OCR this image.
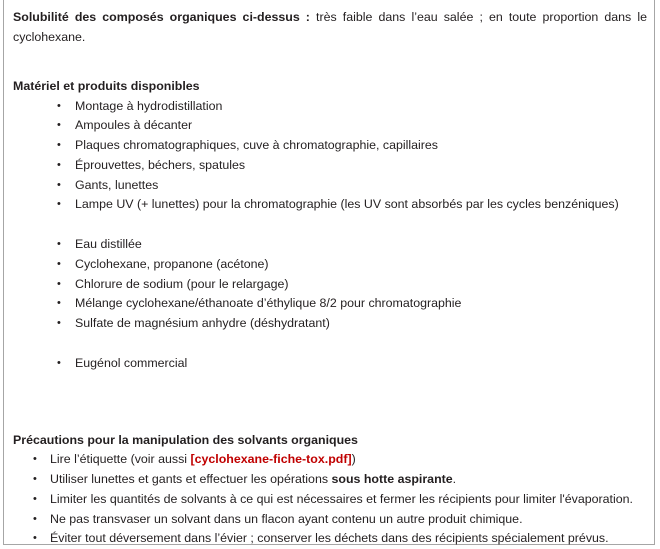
Solubilité des composés organiques ci-dessus : très faible dans l’eau salée ; en toute proportion dans le cyclohexane.

Matériel et produits disponibles

• Montage à hydrodistillation
• Ampoules à décanter
• Plaques chromatographiques, cuve à chromatographie, capillaires
• Éprouvettes, béchers, spatules
• Gants, lunettes
• Lampe UV (+ lunettes) pour la chromatographie (les UV sont absorbés par les cycles benzéniques)
• Eau distillée
• Cyclohexane, propanone (acétone)
• Chlorure de sodium (pour le relargage)
• Mélange cyclohexane/éthanoate d’éthylique 8/2 pour chromatographie
• Sulfate de magnésium anhydre (déshydratant)
• Eugénol commercial

Précautions pour la manipulation des solvants organiques

• Lire l’étiquette (voir aussi [cyclohexane-fiche-tox.pdf])
• Utiliser lunettes et gants et effectuer les opérations sous hotte aspirante.
• Limiter les quantités de solvants à ce qui est nécessaires et fermer les récipients pour limiter l'évaporation.
• Ne pas transvaser un solvant dans un flacon ayant contenu un autre produit chimique.
• Éviter tout déversement dans l’évier ; conserver les déchets dans des récipients spécialement prévus.
